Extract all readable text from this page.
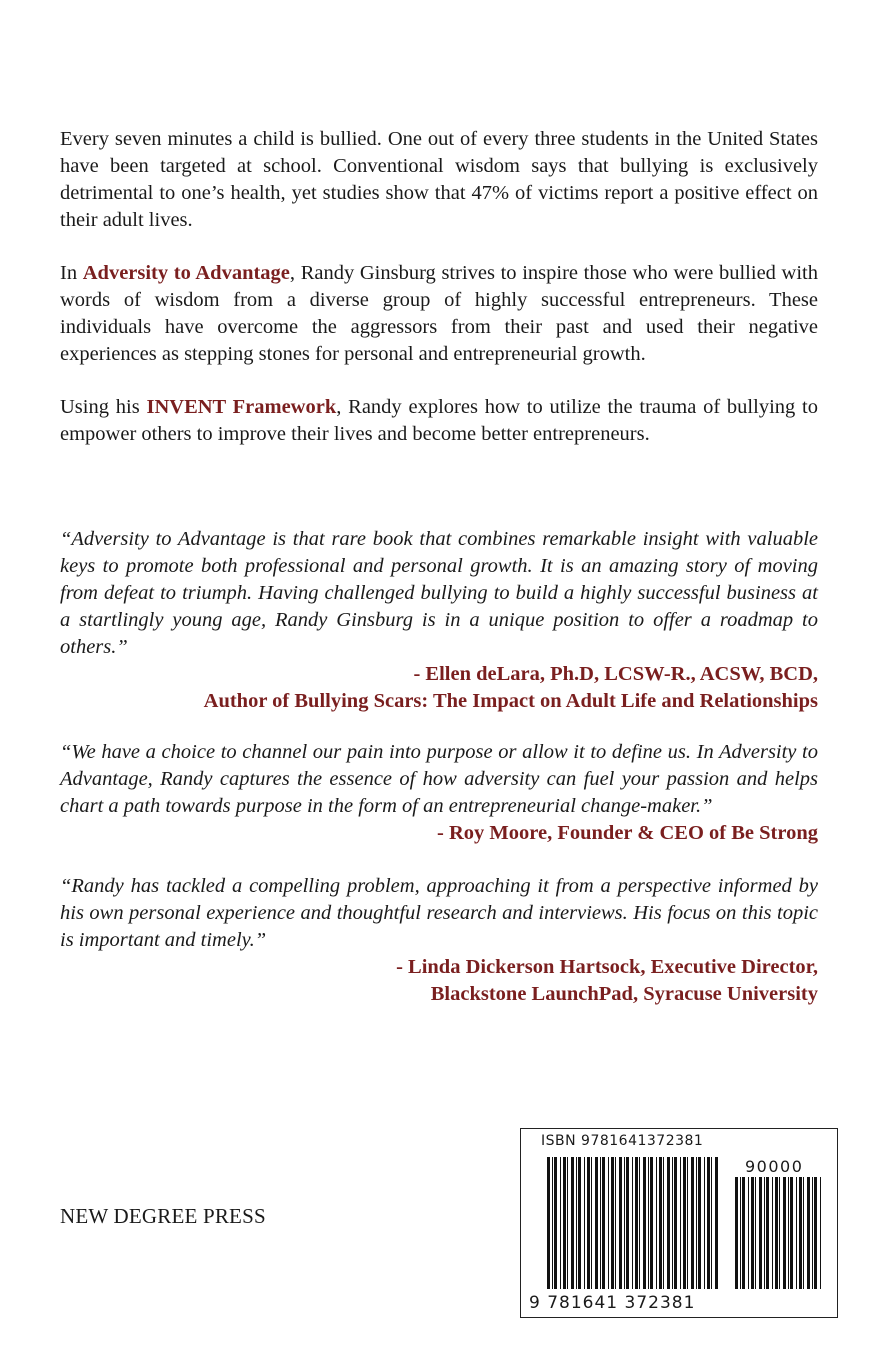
Every seven minutes a child is bullied. One out of every three students in the United States have been targeted at school. Conventional wisdom says that bullying is exclusively detrimental to one’s health, yet studies show that 47% of victims report a positive effect on their adult lives.

In Adversity to Advantage, Randy Ginsburg strives to inspire those who were bullied with words of wisdom from a diverse group of highly successful entrepreneurs. These individuals have overcome the aggressors from their past and used their negative experiences as stepping stones for personal and entrepreneurial growth.

Using his INVENT Framework, Randy explores how to utilize the trauma of bullying to empower others to improve their lives and become better entrepreneurs.

“Adversity to Advantage is that rare book that combines remarkable insight with valuable keys to promote both professional and personal growth. It is an amazing story of moving from defeat to triumph. Having challenged bullying to build a highly successful business at a startlingly young age, Randy Ginsburg is in a unique position to offer a roadmap to others.”

- Ellen deLara, Ph.D, LCSW-R., ACSW, BCD,

Author of Bullying Scars: The Impact on Adult Life and Relationships

“We have a choice to channel our pain into purpose or allow it to define us. In Adversity to Advantage, Randy captures the essence of how adversity can fuel your passion and helps chart a path towards purpose in the form of an entrepreneurial change-maker.”

- Roy Moore, Founder & CEO of Be Strong

“Randy has tackled a compelling problem, approaching it from a perspective informed by his own personal experience and thoughtful research and interviews. His focus on this topic is important and timely.”

- Linda Dickerson Hartsock, Executive Director,

Blackstone LaunchPad, Syracuse University

NEW DEGREE PRESS
ISBN 9781641372381
90000
9 781641 372381
